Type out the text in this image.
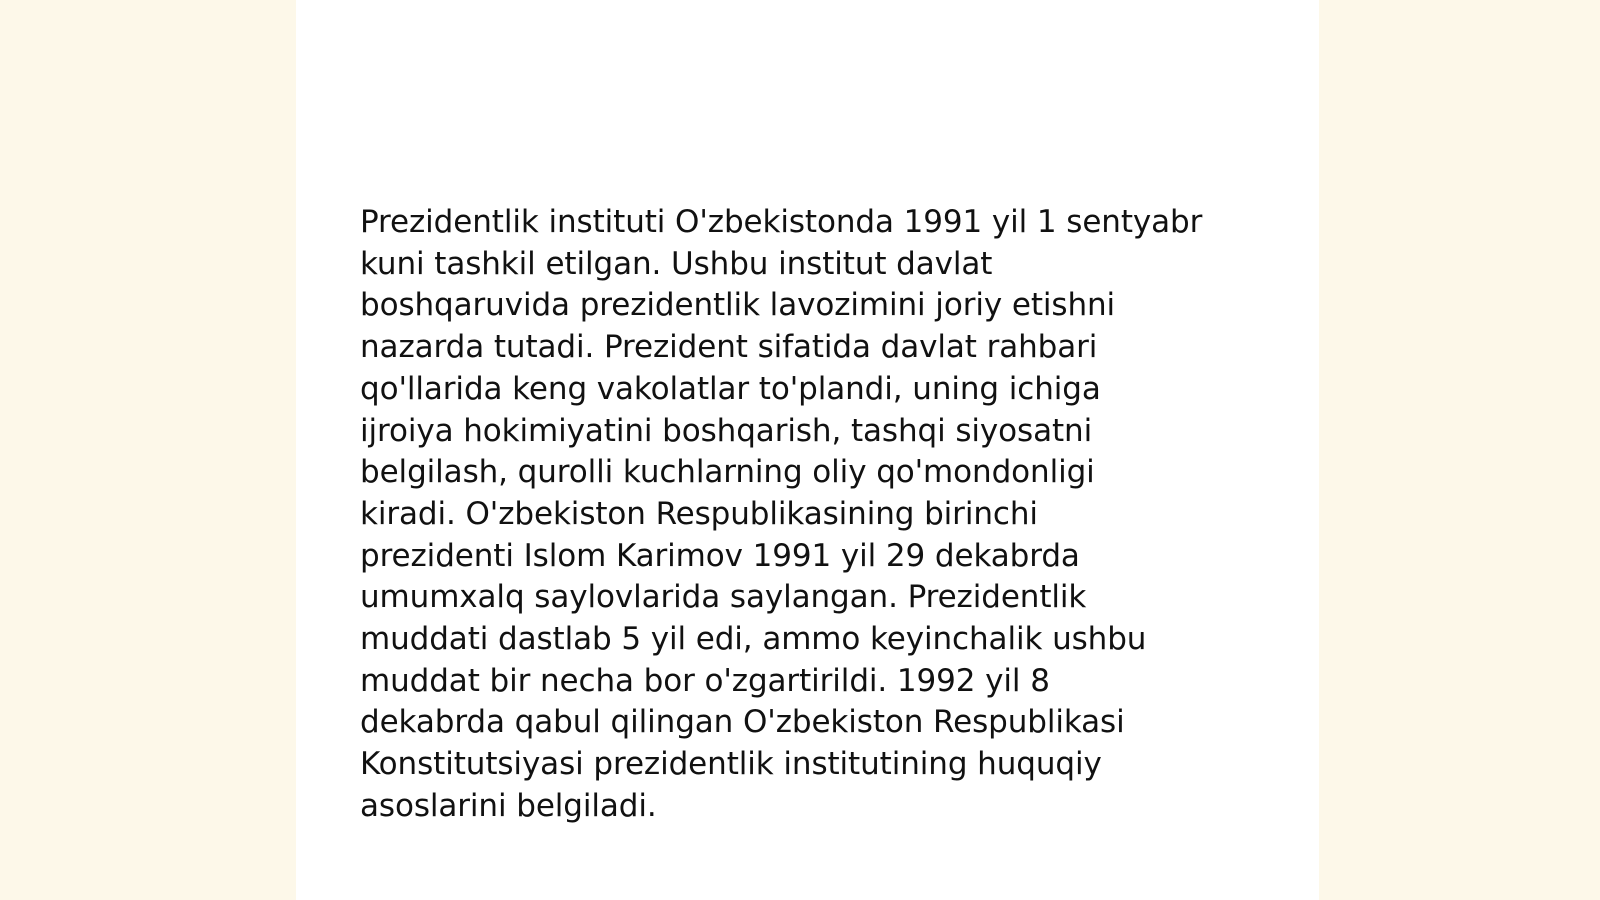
Prezidentlik instituti O'zbekistonda 1991 yil 1 sentyabr
kuni tashkil etilgan. Ushbu institut davlat
boshqaruvida prezidentlik lavozimini joriy etishni
nazarda tutadi. Prezident sifatida davlat rahbari
qo'llarida keng vakolatlar to'plandi, uning ichiga
ijroiya hokimiyatini boshqarish, tashqi siyosatni
belgilash, qurolli kuchlarning oliy qo'mondonligi
kiradi. O'zbekiston Respublikasining birinchi
prezidenti Islom Karimov 1991 yil 29 dekabrda
umumxalq saylovlarida saylangan. Prezidentlik
muddati dastlab 5 yil edi, ammo keyinchalik ushbu
muddat bir necha bor o'zgartirildi. 1992 yil 8
dekabrda qabul qilingan O'zbekiston Respublikasi
Konstitutsiyasi prezidentlik institutining huquqiy
asoslarini belgiladi.
